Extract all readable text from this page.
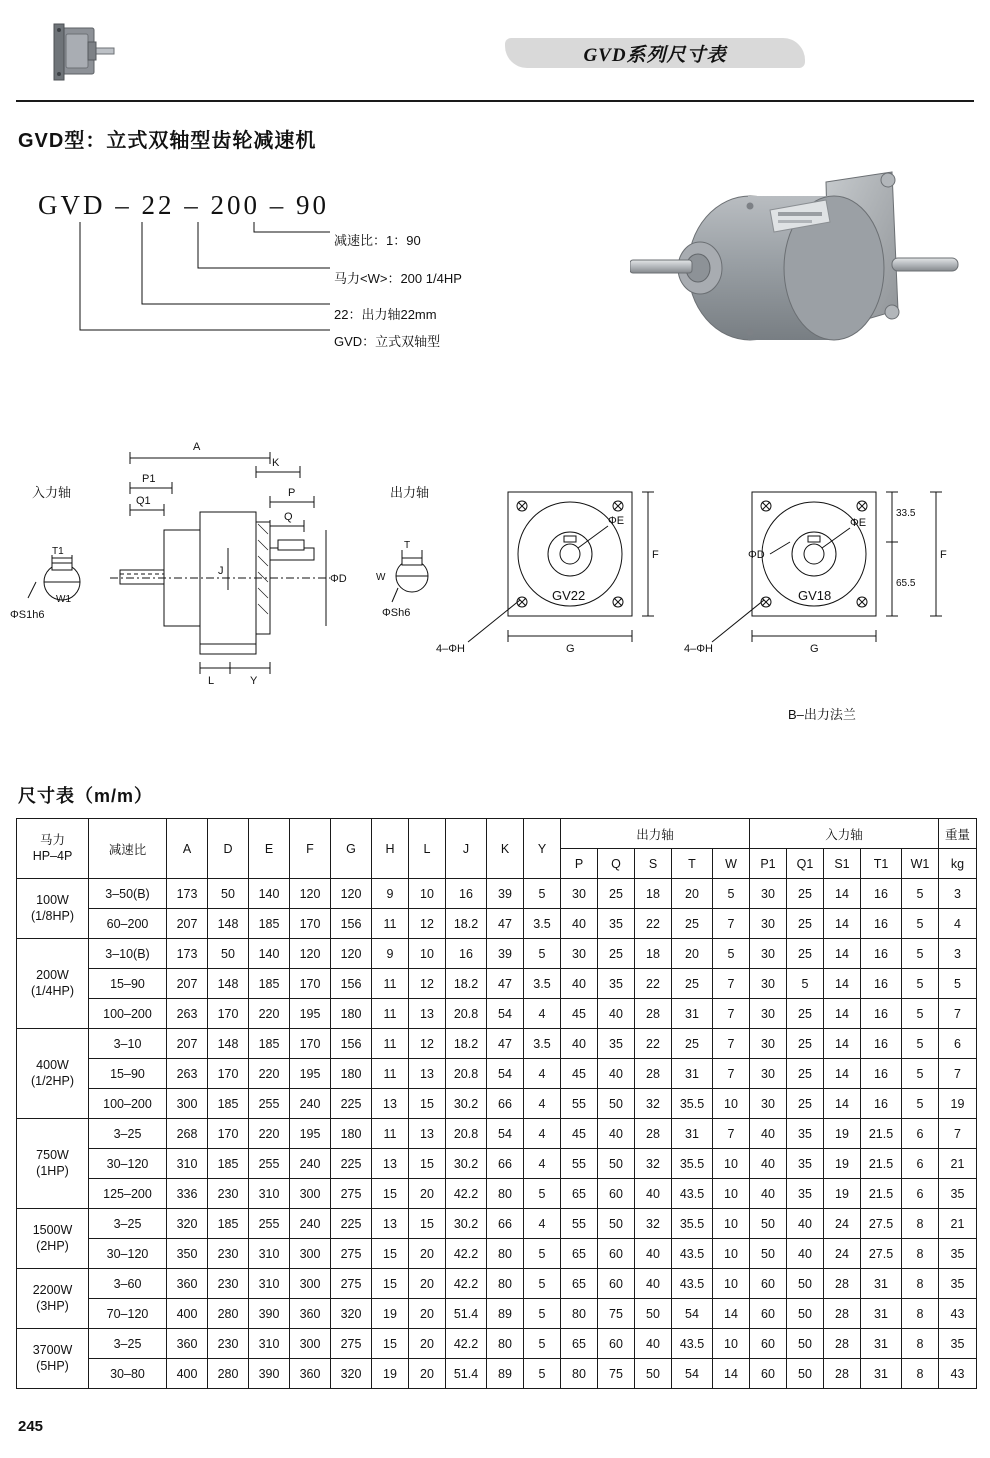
GVD系列尺寸表
GVD型：立式双轴型齿轮减速机
GVD – 22 – 200 – 90
减速比：1：90
马力<W>：200 1/4HP
22：出力轴22mm
GVD：立式双轴型
ΦS1h6
T1
W1
A
K
P1
Q1
P
Q
J
ΦD
L	Y
T
W
ΦSh6
ΦE
GV22
4–ΦH
F
G
ΦE
ΦD
GV18
4–ΦH
33.5
65.5
F
G
入力轴	出力轴
B–出力法兰
尺寸表（m/m）
马力
HP–4P	减速比	A	D	E	F	G	H	L	J	K	Y	出力轴					入力轴					重量
												P	Q	S	T	W	P1	Q1	S1	T1	W1	kg

100W
(1/8HP)	3–50(B)	173	50	140	120	120	9	10	16	39	5	30	25	18	20	5	30	25	14	16	5	3
	60–200	207	148	185	170	156	11	12	18.2	47	3.5	40	35	22	25	7	30	25	14	16	5	4

200W
(1/4HP)	3–10(B)	173	50	140	120	120	9	10	16	39	5	30	25	18	20	5	30	25	14	16	5	3
	15–90	207	148	185	170	156	11	12	18.2	47	3.5	40	35	22	25	7	30	5	14	16	5	5
	100–200	263	170	220	195	180	11	13	20.8	54	4	45	40	28	31	7	30	25	14	16	5	7

400W
(1/2HP)	3–10	207	148	185	170	156	11	12	18.2	47	3.5	40	35	22	25	7	30	25	14	16	5	6
	15–90	263	170	220	195	180	11	13	20.8	54	4	45	40	28	31	7	30	25	14	16	5	7
	100–200	300	185	255	240	225	13	15	30.2	66	4	55	50	32	35.5	10	30	25	14	16	5	19

750W
(1HP)	3–25	268	170	220	195	180	11	13	20.8	54	4	45	40	28	31	7	40	35	19	21.5	6	7
	30–120	310	185	255	240	225	13	15	30.2	66	4	55	50	32	35.5	10	40	35	19	21.5	6	21
	125–200	336	230	310	300	275	15	20	42.2	80	5	65	60	40	43.5	10	40	35	19	21.5	6	35

1500W
(2HP)	3–25	320	185	255	240	225	13	15	30.2	66	4	55	50	32	35.5	10	50	40	24	27.5	8	21
	30–120	350	230	310	300	275	15	20	42.2	80	5	65	60	40	43.5	10	50	40	24	27.5	8	35

2200W
(3HP)	3–60	360	230	310	300	275	15	20	42.2	80	5	65	60	40	43.5	10	60	50	28	31	8	35
	70–120	400	280	390	360	320	19	20	51.4	89	5	80	75	50	54	14	60	50	28	31	8	43

3700W
(5HP)	3–25	360	230	310	300	275	15	20	42.2	80	5	65	60	40	43.5	10	60	50	28	31	8	35
	30–80	400	280	390	360	320	19	20	51.4	89	5	80	75	50	54	14	60	50	28	31	8	43
245
